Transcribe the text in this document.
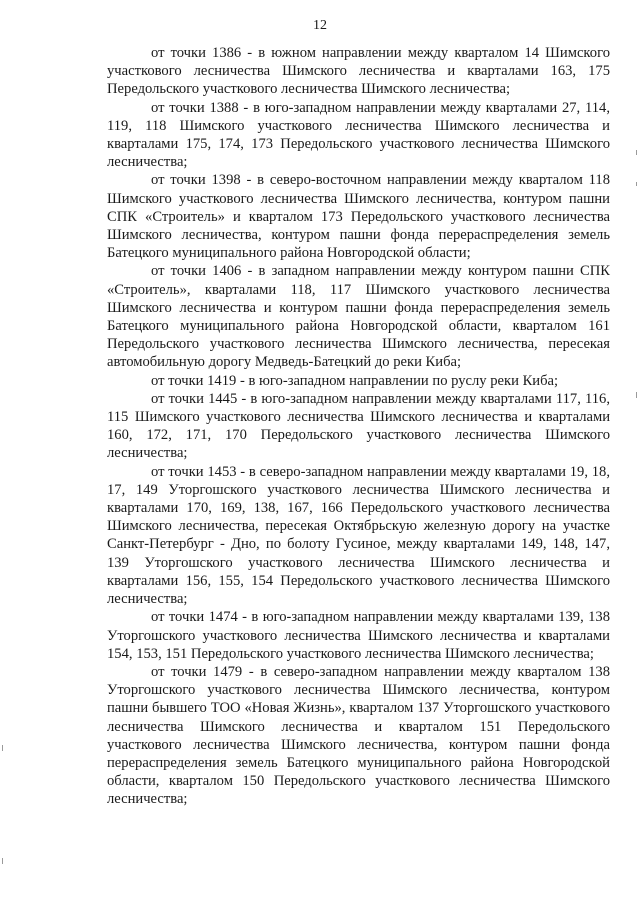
12

от точки 1386 - в южном направлении между кварталом 14 Шимского участкового лесничества Шимского лесничества и кварталами 163, 175 Передольского участкового лесничества Шимского лесничества;

от точки 1388 - в юго-западном направлении между кварталами 27, 114, 119, 118 Шимского участкового лесничества Шимского лесничества и кварталами 175, 174, 173 Передольского участкового лесничества Шимского лесничества;

от точки 1398 - в северо-восточном направлении между кварталом 118 Шимского участкового лесничества Шимского лесничества, контуром пашни СПК «Строитель» и кварталом 173 Передольского участкового лесничества Шимского лесничества, контуром пашни фонда перераспределения земель Батецкого муниципального района Новгородской области;

от точки 1406 - в западном направлении между контуром пашни СПК «Строитель», кварталами 118, 117 Шимского участкового лесничества Шимского лесничества и контуром пашни фонда перераспределения земель Батецкого муниципального района Новгородской области, кварталом 161 Передольского участкового лесничества Шимского лесничества, пересекая автомобильную дорогу Медведь-Батецкий до реки Киба;

от точки 1419 - в юго-западном направлении по руслу реки Киба;

от точки 1445 - в юго-западном направлении между кварталами 117, 116, 115 Шимского участкового лесничества Шимского лесничества и кварталами 160, 172, 171, 170 Передольского участкового лесничества Шимского лесничества;

от точки 1453 - в северо-западном направлении между кварталами 19, 18, 17, 149 Уторгошского участкового лесничества Шимского лесничества и кварталами 170, 169, 138, 167, 166 Передольского участкового лесничества Шимского лесничества, пересекая Октябрьскую железную дорогу на участке Санкт-Петербург - Дно, по болоту Гусиное, между кварталами 149, 148, 147, 139 Уторгошского участкового лесничества Шимского лесничества и кварталами 156, 155, 154 Передольского участкового лесничества Шимского лесничества;

от точки 1474 - в юго-западном направлении между кварталами 139, 138 Уторгошского участкового лесничества Шимского лесничества и кварталами 154, 153, 151 Передольского участкового лесничества Шимского лесничества;

от точки 1479 - в северо-западном направлении между кварталом 138 Уторгошского участкового лесничества Шимского лесничества, контуром пашни бывшего ТОО «Новая Жизнь», кварталом 137 Уторгошского участкового лесничества Шимского лесничества и кварталом 151 Передольского участкового лесничества Шимского лесничества, контуром пашни фонда перераспределения земель Батецкого муниципального района Новгородской области, кварталом 150 Передольского участкового лесничества Шимского лесничества;
